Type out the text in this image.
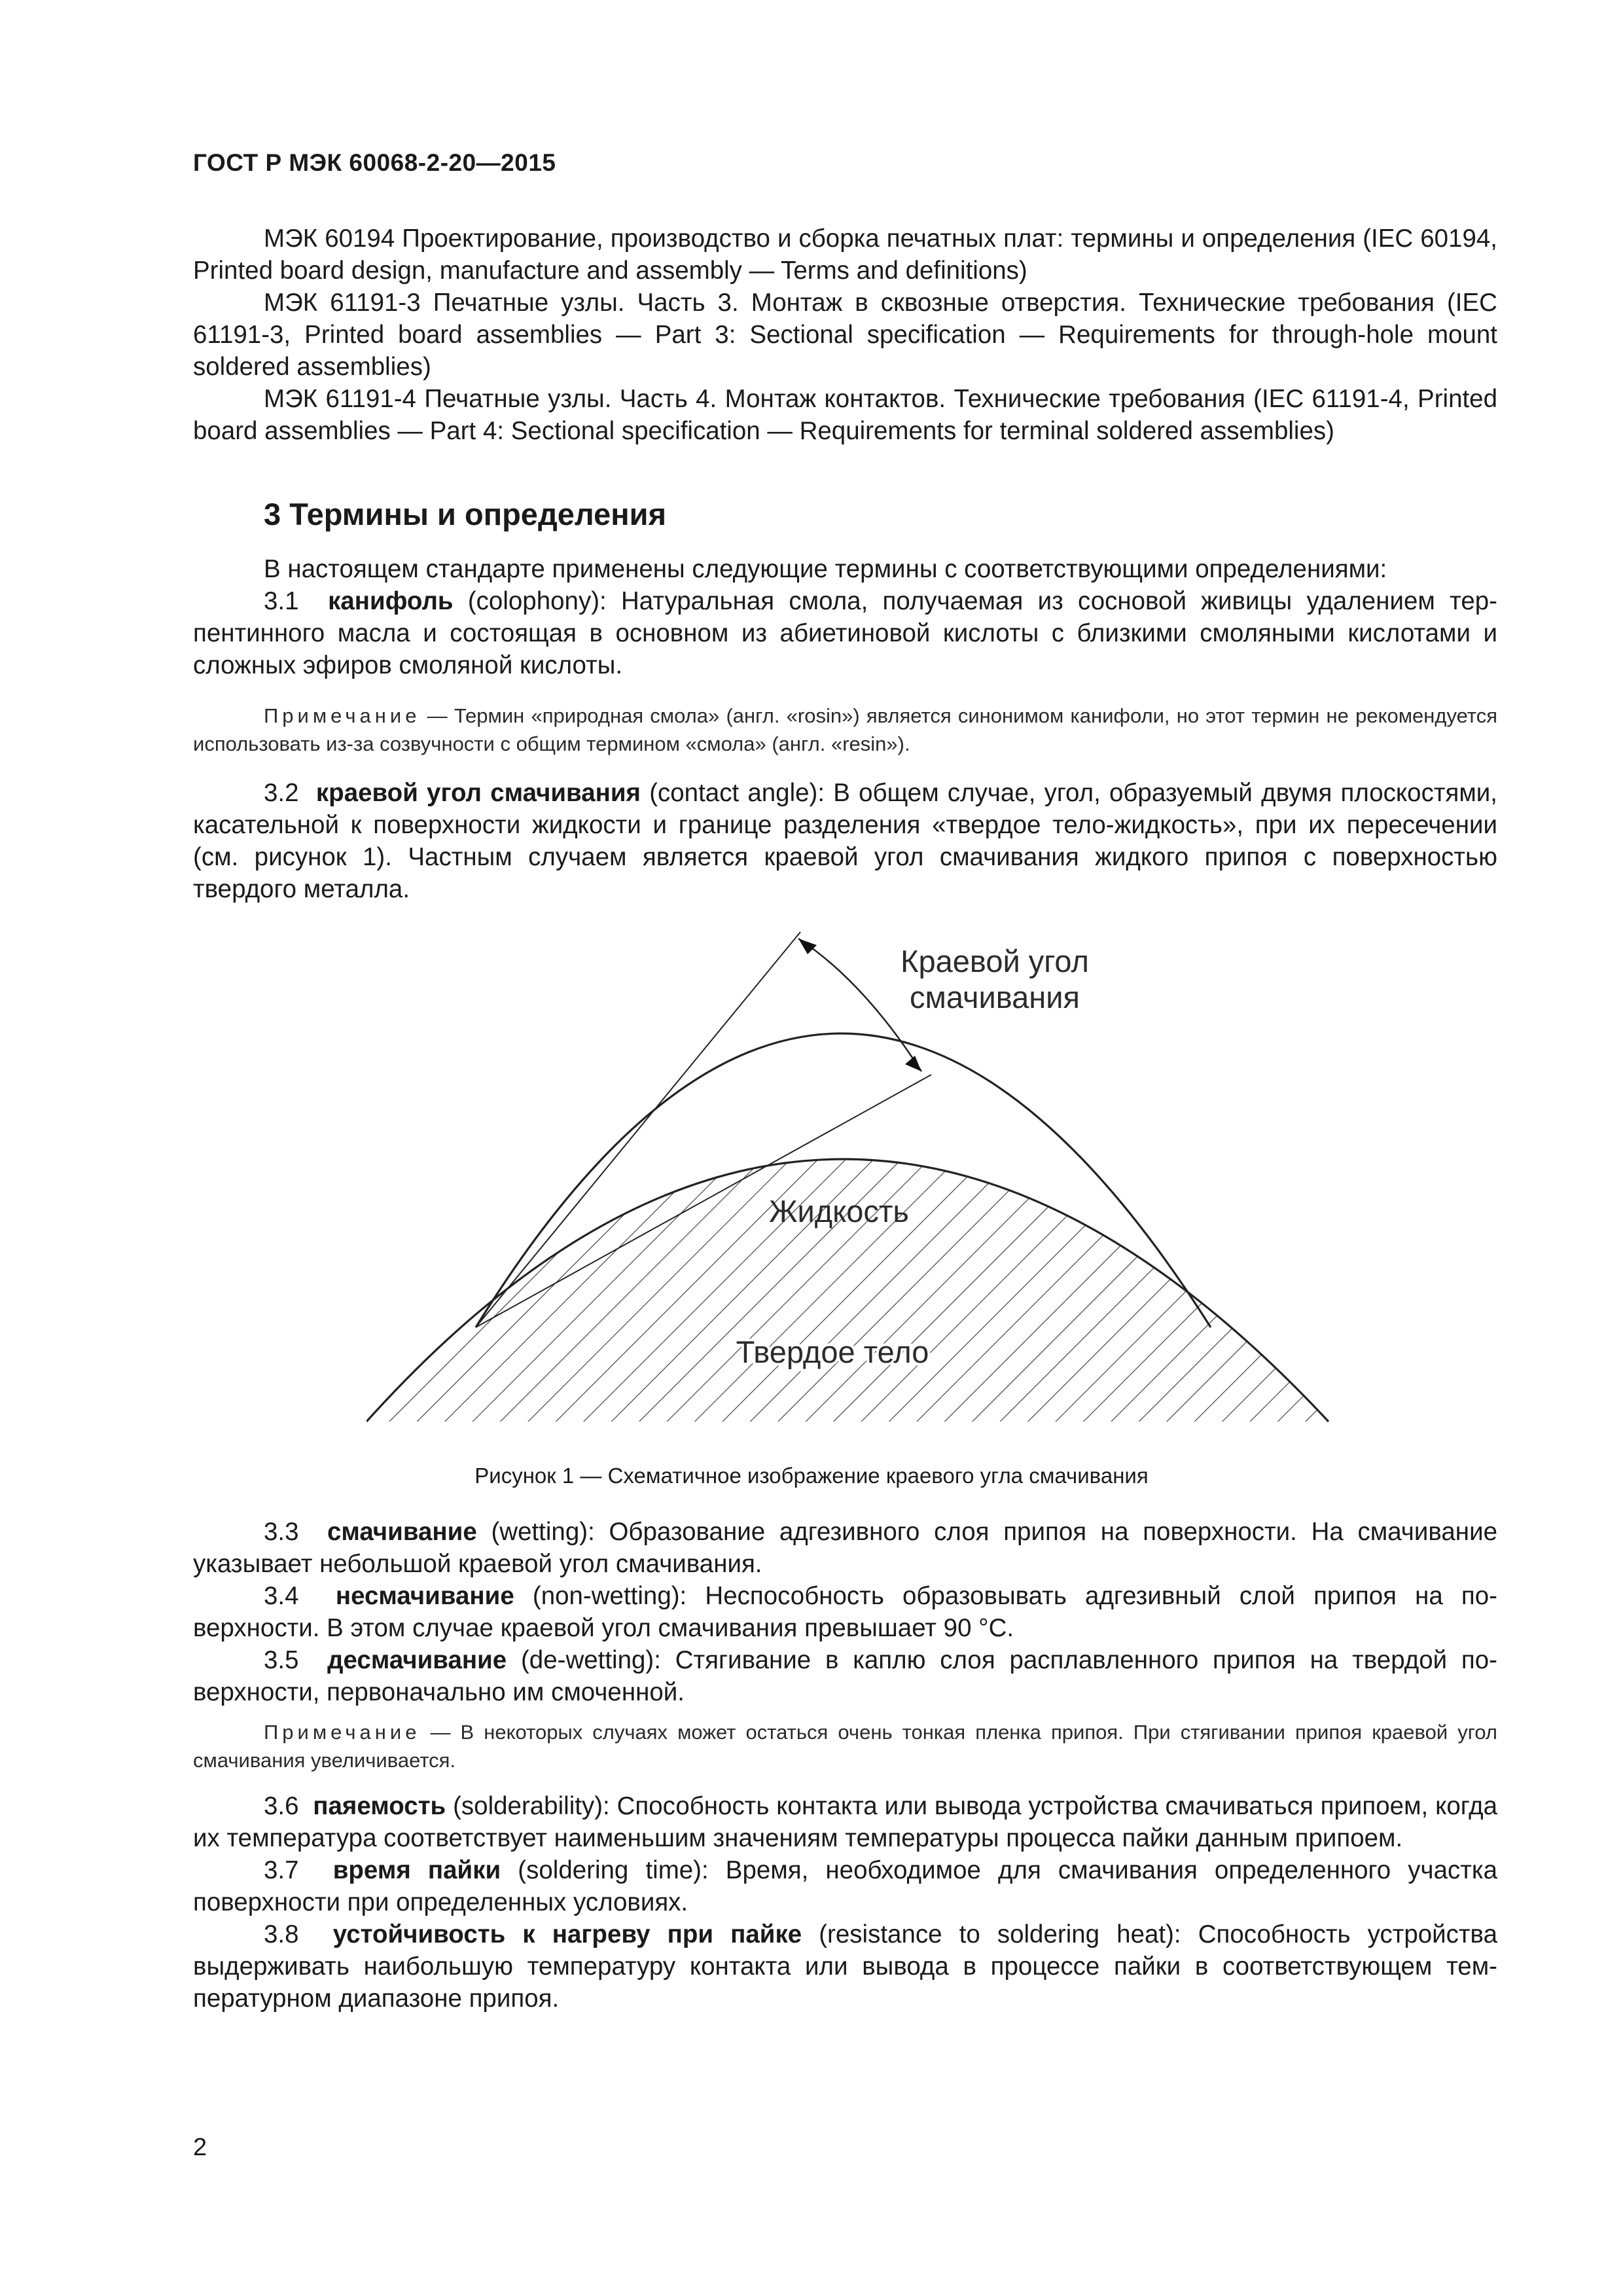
ГОСТ Р МЭК 60068-2-20—2015

МЭК 60194 Проектирование, производство и сборка печатных плат: термины и определения (IEC 60194, Printed board design, manufacture and assembly — Terms and definitions)

МЭК 61191-3 Печатные узлы. Часть 3. Монтаж в сквозные отверстия. Технические требования (IEC 61191-3, Printed board assemblies — Part 3: Sectional specification — Requirements for through-hole mount soldered assemblies)

МЭК 61191-4 Печатные узлы. Часть 4. Монтаж контактов. Технические требования (IEC 61191-4, Printed board assemblies — Part 4: Sectional specification — Requirements for terminal soldered assemblies)

3 Термины и определения

В настоящем стандарте применены следующие термины с соответствующими определениями:

3.1 канифоль (colophony): Натуральная смола, получаемая из сосновой живицы удалением терпентинного масла и состоящая в основном из абиетиновой кислоты с близкими смоляными кислотами и сложных эфиров смоляной кислоты.

Примечание — Термин «природная смола» (англ. «rosin») является синонимом канифоли, но этот термин не рекомендуется использовать из-за созвучности с общим термином «смола» (англ. «resin»).

3.2 краевой угол смачивания (contact angle): В общем случае, угол, образуемый двумя плоскостями, касательной к поверхности жидкости и границе разделения «твердое тело-жидкость», при их пересечении (см. рисунок 1). Частным случаем является краевой угол смачивания жидкого припоя с поверхностью твердого металла.

Краевой угол
смачивания
Жидкость
Твердое тело
Рисунок 1 — Схематичное изображение краевого угла смачивания

3.3 смачивание (wetting): Образование адгезивного слоя припоя на поверхности. На смачивание указывает небольшой краевой угол смачивания.

3.4 несмачивание (non-wetting): Неспособность образовывать адгезивный слой припоя на поверхности. В этом случае краевой угол смачивания превышает 90 °С.

3.5 десмачивание (de-wetting): Стягивание в каплю слоя расплавленного припоя на твердой поверхности, первоначально им смоченной.

Примечание — В некоторых случаях может остаться очень тонкая пленка припоя. При стягивании припоя краевой угол смачивания увеличивается.

3.6 паяемость (solderability): Способность контакта или вывода устройства смачиваться припоем, когда их температура соответствует наименьшим значениям температуры процесса пайки данным припоем.

3.7 время пайки (soldering time): Время, необходимое для смачивания определенного участка поверхности при определенных условиях.

3.8 устойчивость к нагреву при пайке (resistance to soldering heat): Способность устройства выдерживать наибольшую температуру контакта или вывода в процессе пайки в соответствующем температурном диапазоне припоя.

2
